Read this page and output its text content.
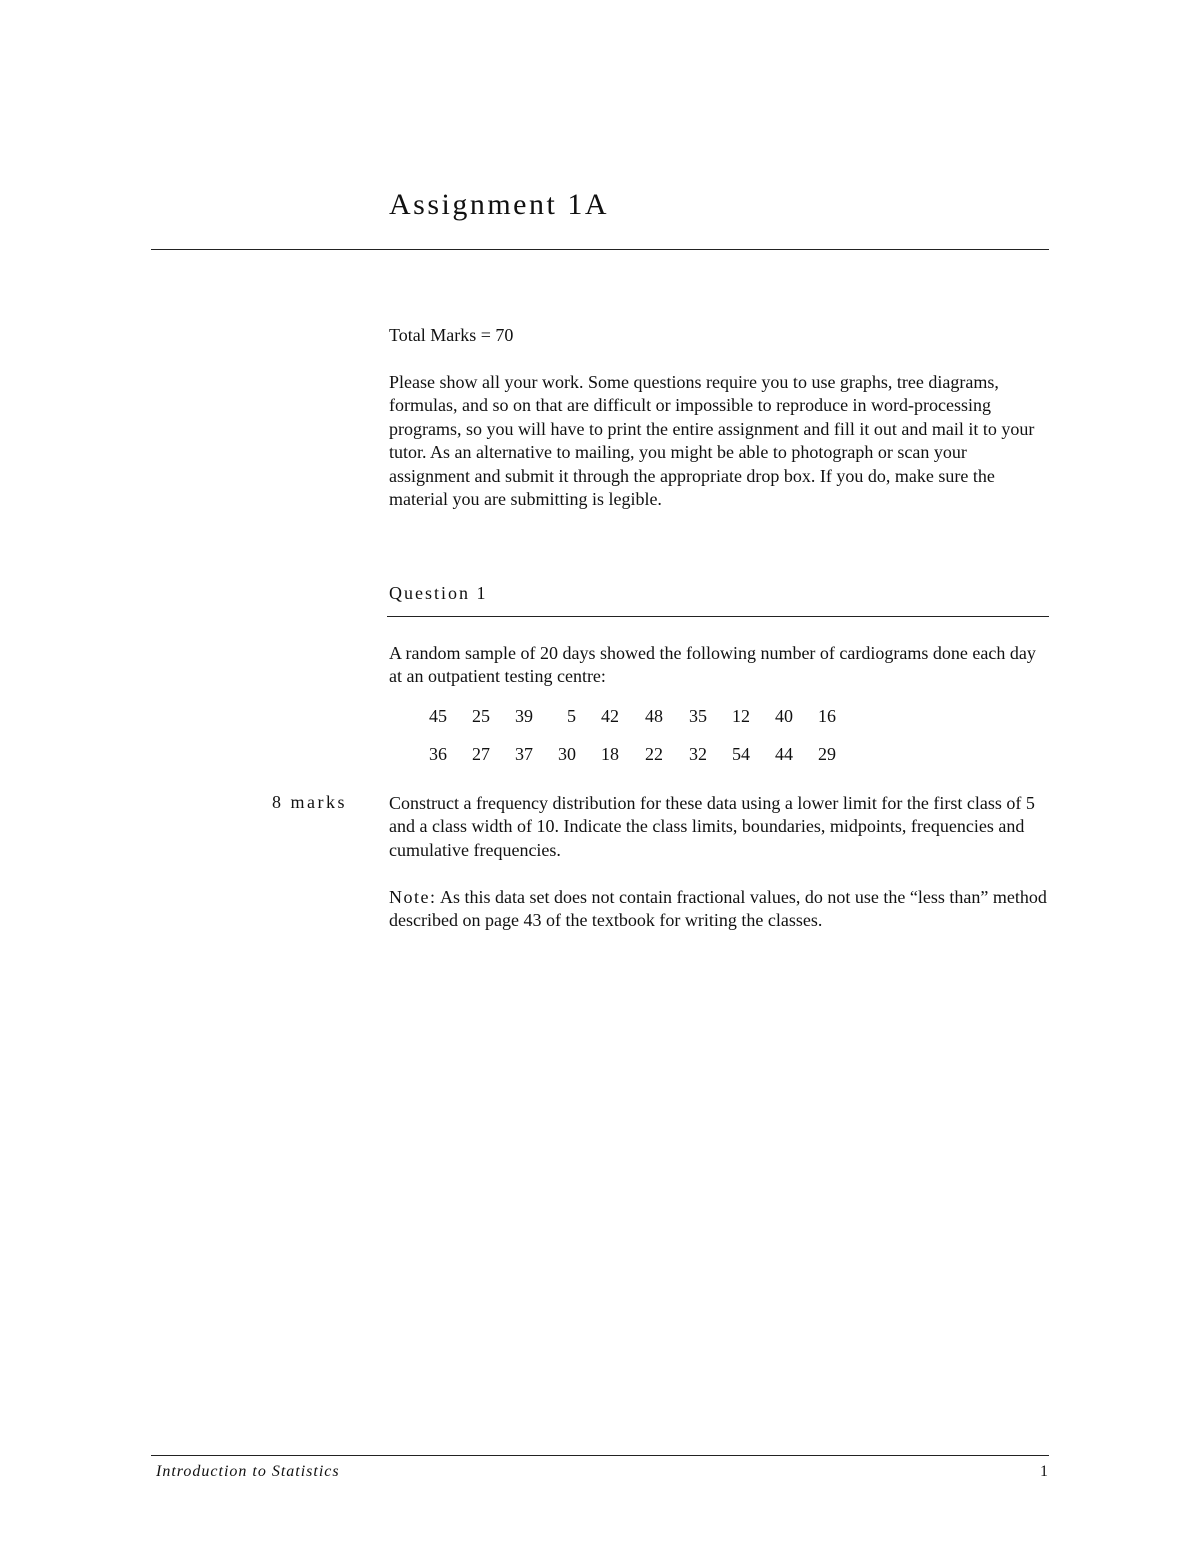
Assignment 1A
Total Marks = 70

Please show all your work. Some questions require you to use graphs, tree diagrams, formulas, and so on that are difficult or impossible to reproduce in word-processing programs, so you will have to print the entire assignment and fill it out and mail it to your tutor. As an alternative to mailing, you might be able to photograph or scan your assignment and submit it through the appropriate drop box. If you do, make sure the material you are submitting is legible.

Question 1

A random sample of 20 days showed the following number of cardiograms done each day at an outpatient testing centre:

45	25	39	5	42	48	35	12	40	16
36	27	37	30	18	22	32	54	44	29
8 marks Construct a frequency distribution for these data using a lower limit for the first class of 5 and a class width of 10. Indicate the class limits, boundaries, midpoints, frequencies and cumulative frequencies.

Note: As this data set does not contain fractional values, do not use the “less than” method described on page 43 of the textbook for writing the classes.

Introduction to Statistics	1
